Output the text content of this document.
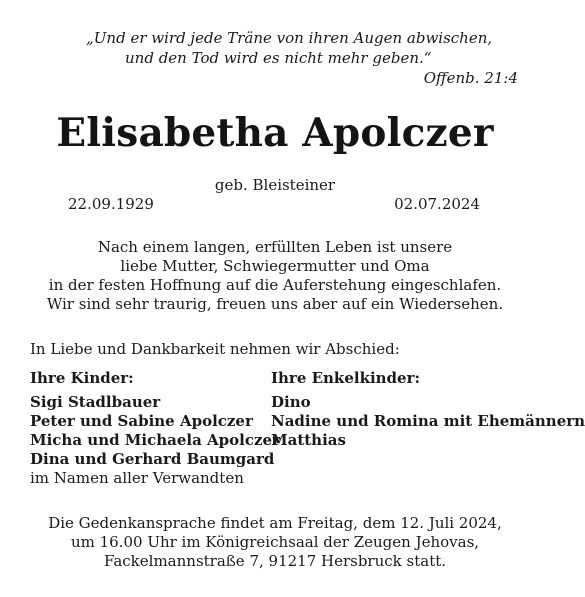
„Und er wird jede Träne von ihren Augen abwischen,
und den Tod wird es nicht mehr geben.“
Offenb. 21:4
Elisabetha Apolczer
geb. Bleisteiner
22.09.1929	02.07.2024
Nach einem langen, erfüllten Leben ist unsere
liebe Mutter, Schwiegermutter und Oma
in der festen Hoffnung auf die Auferstehung eingeschlafen.
Wir sind sehr traurig, freuen uns aber auf ein Wiedersehen.
In Liebe und Dankbarkeit nehmen wir Abschied:
Ihre Kinder:
Sigi Stadlbauer
Peter und Sabine Apolczer
Micha und Michaela Apolczer
Dina und Gerhard Baumgard
im Namen aller Verwandten
Ihre Enkelkinder:
Dino
Nadine und Romina mit Ehemännern
Matthias
Die Gedenkansprache findet am Freitag, dem 12. Juli 2024,
um 16.00 Uhr im Königreichsaal der Zeugen Jehovas,
Fackelmannstraße 7, 91217 Hersbruck statt.
